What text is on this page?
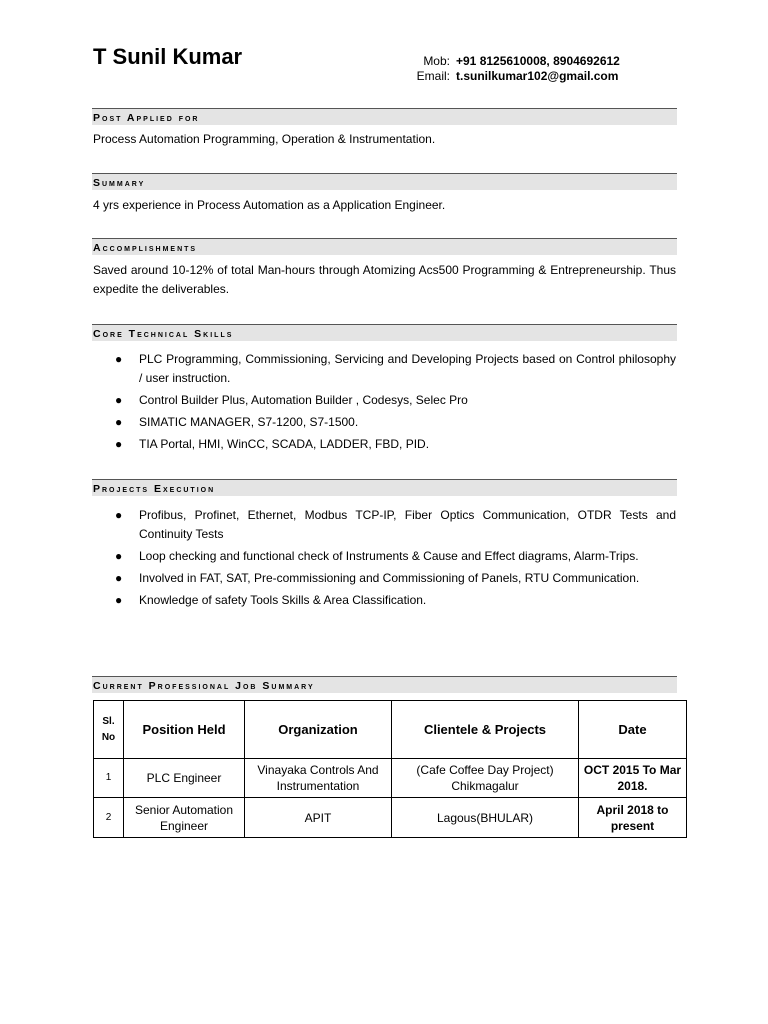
T Sunil Kumar	Mob: +91 8125610008, 8904692612
Email: t.sunilkumar102@gmail.com
Post Applied for
Process Automation Programming, Operation & Instrumentation.
Summary
4 yrs experience in Process Automation as a Application Engineer.
Accomplishments
Saved around 10-12% of total Man-hours through Atomizing Acs500 Programming & Entrepreneurship. Thus expedite the deliverables.
Core Technical Skills
● PLC Programming, Commissioning, Servicing and Developing Projects based on Control philosophy / user instruction.
● Control Builder Plus, Automation Builder , Codesys, Selec Pro
● SIMATIC MANAGER, S7-1200, S7-1500.
● TIA Portal, HMI, WinCC, SCADA, LADDER, FBD, PID.
Projects Execution
● Profibus, Profinet, Ethernet, Modbus TCP-IP, Fiber Optics Communication, OTDR Tests and Continuity Tests
● Loop checking and functional check of Instruments & Cause and Effect diagrams, Alarm-Trips.
● Involved in FAT, SAT, Pre-commissioning and Commissioning of Panels, RTU Communication.
● Knowledge of safety Tools Skills & Area Classification.
Current Professional Job Summary
Sl. No	Position Held	Organization	Clientele & Projects	Date
1	PLC Engineer	Vinayaka Controls And Instrumentation	(Cafe Coffee Day Project) Chikmagalur	OCT 2015 To Mar 2018.
2	Senior Automation Engineer	APIT	Lagous(BHULAR)	April 2018 to present
